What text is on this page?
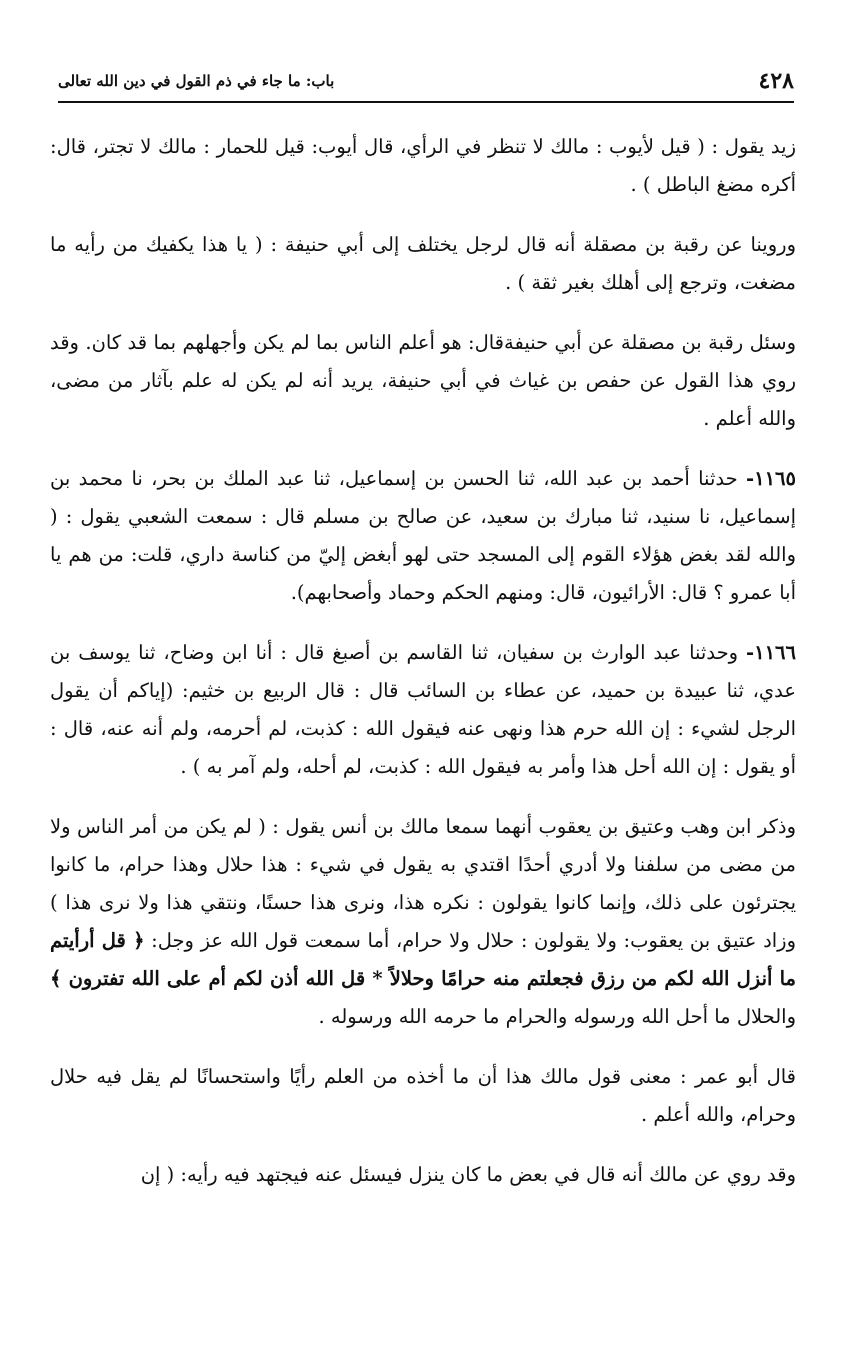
٤٢٨
باب: ما جاء في ذم القول في دين الله تعالى

زيد يقول : ( قيل لأيوب : مالك لا تنظر في الرأي، قال أيوب: قيل للحمار : مالك لا تجتر، قال: أكره مضغ الباطل ) .

وروينا عن رقبة بن مصقلة أنه قال لرجل يختلف إلى أبي حنيفة : ( يا هذا يكفيك من رأيه ما مضغت، وترجع إلى أهلك بغير ثقة ) .

وسئل رقبة بن مصقلة عن أبي حنيفةقال: هو أعلم الناس بما لم يكن وأجهلهم بما قد كان. وقد روي هذا القول عن حفص بن غياث في أبي حنيفة، يريد أنه لم يكن له علم بآثار من مضى، والله أعلم .

١١٦٥- حدثنا أحمد بن عبد الله، ثنا الحسن بن إسماعيل، ثنا عبد الملك بن بحر، نا محمد بن إسماعيل، نا سنيد، ثنا مبارك بن سعيد، عن صالح بن مسلم قال : سمعت الشعبي يقول : ( والله لقد بغض هؤلاء القوم إلى المسجد حتى لهو أبغض إليّ من كناسة داري، قلت: من هم يا أبا عمرو ؟ قال: الأرائيون، قال: ومنهم الحكم وحماد وأصحابهم).

١١٦٦- وحدثنا عبد الوارث بن سفيان، ثنا القاسم بن أصبغ قال : أنا ابن وضاح، ثنا يوسف بن عدي، ثنا عبيدة بن حميد، عن عطاء بن السائب قال : قال الربيع بن خثيم: (إياكم أن يقول الرجل لشيء : إن الله حرم هذا ونهى عنه فيقول الله : كذبت، لم أحرمه، ولم أنه عنه، قال : أو يقول : إن الله أحل هذا وأمر به فيقول الله : كذبت، لم أحله، ولم آمر به ) .

وذكر ابن وهب وعتيق بن يعقوب أنهما سمعا مالك بن أنس يقول : ( لم يكن من أمر الناس ولا من مضى من سلفنا ولا أدري أحدًا اقتدي به يقول في شيء : هذا حلال وهذا حرام، ما كانوا يجترئون على ذلك، وإنما كانوا يقولون : نكره هذا، ونرى هذا حسنًا، ونتقي هذا ولا نرى هذا ) وزاد عتيق بن يعقوب: ولا يقولون : حلال ولا حرام، أما سمعت قول الله عز وجل: ﴿ قل أرأيتم ما أنزل الله لكم من رزق فجعلتم منه حرامًا وحلالاً * قل الله أذن لكم أم على الله تفترون ﴾ والحلال ما أحل الله ورسوله والحرام ما حرمه الله ورسوله .

قال أبو عمر : معنى قول مالك هذا أن ما أخذه من العلم رأيًا واستحسانًا لم يقل فيه حلال وحرام، والله أعلم .

وقد روي عن مالك أنه قال في بعض ما كان ينزل فيسئل عنه فيجتهد فيه رأيه: ( إن
